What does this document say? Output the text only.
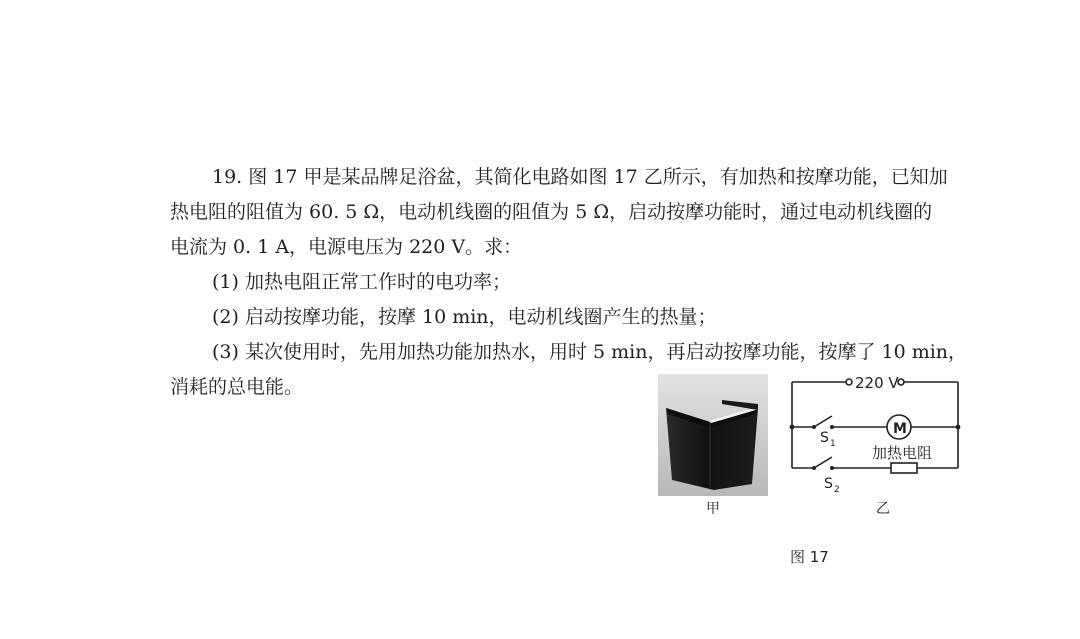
19. 图 17 甲是某品牌足浴盆，其简化电路如图 17 乙所示，有加热和按摩功能，已知加

热电阻的阻值为 60. 5 Ω，电动机线圈的阻值为 5 Ω，启动按摩功能时，通过电动机线圈的

电流为 0. 1 A，电源电压为 220 V。求：

(1) 加热电阻正常工作时的电功率；

(2) 启动按摩功能，按摩 10 min，电动机线圈产生的热量；

(3) 某次使用时，先用加热功能加热水，用时 5 min，再启动按摩功能，按摩了 10 min，

消耗的总电能。

甲
220 V
M
S 1
S 2
加热电阻
乙
图 17
